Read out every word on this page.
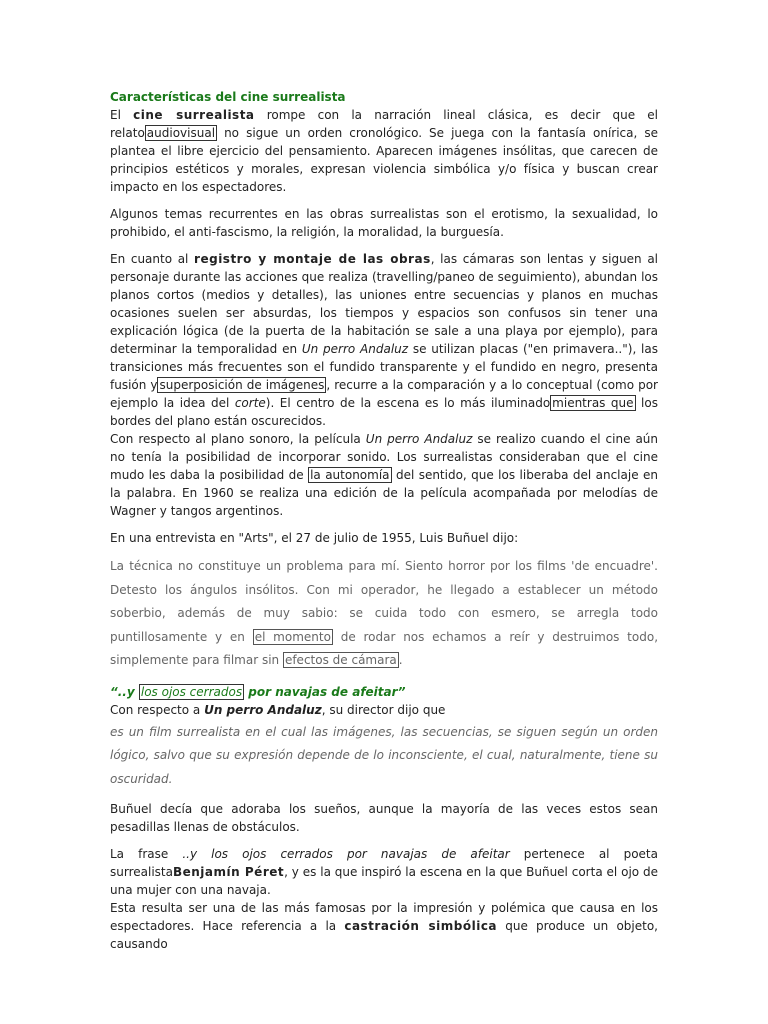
Características del cine surrealista

El cine surrealista rompe con la narración lineal clásica, es decir que el relato audiovisual no sigue un orden cronológico. Se juega con la fantasía onírica, se plantea el libre ejercicio del pensamiento. Aparecen imágenes insólitas, que carecen de principios estéticos y morales, expresan violencia simbólica y/o física y buscan crear impacto en los espectadores.

Algunos temas recurrentes en las obras surrealistas son el erotismo, la sexualidad, lo prohibido, el anti-fascismo, la religión, la moralidad, la burguesía.

En cuanto al registro y montaje de las obras, las cámaras son lentas y siguen al personaje durante las acciones que realiza (travelling/paneo de seguimiento), abundan los planos cortos (medios y detalles), las uniones entre secuencias y planos en muchas ocasiones suelen ser absurdas, los tiempos y espacios son confusos sin tener una explicación lógica (de la puerta de la habitación se sale a una playa por ejemplo), para determinar la temporalidad en Un perro Andaluz se utilizan placas ("en primavera.."), las transiciones más frecuentes son el fundido transparente y el fundido en negro, presenta fusión y superposición de imágenes , recurre a la comparación y a lo conceptual (como por ejemplo la idea del corte). El centro de la escena es lo más iluminado mientras que los bordes del plano están oscurecidos.

Con respecto al plano sonoro, la película Un perro Andaluz se realizo cuando el cine aún no tenía la posibilidad de incorporar sonido. Los surrealistas consideraban que el cine mudo les daba la posibilidad de la autonomía del sentido, que los liberaba del anclaje en la palabra. En 1960 se realiza una edición de la película acompañada por melodías de Wagner y tangos argentinos.

En una entrevista en "Arts", el 27 de julio de 1955, Luis Buñuel dijo:

La técnica no constituye un problema para mí. Siento horror por los films 'de encuadre'. Detesto los ángulos insólitos. Con mi operador, he llegado a establecer un método soberbio, además de muy sabio: se cuida todo con esmero, se arregla todo puntillosamente y en el momento de rodar nos echamos a reír y destruimos todo, simplemente para filmar sin efectos de cámara .

“..y los ojos cerrados por navajas de afeitar”

Con respecto a Un perro Andaluz, su director dijo que

es un film surrealista en el cual las imágenes, las secuencias, se siguen según un orden lógico, salvo que su expresión depende de lo inconsciente, el cual, naturalmente, tiene su oscuridad.

Buñuel decía que adoraba los sueños, aunque la mayoría de las veces estos sean pesadillas llenas de obstáculos.

La frase ..y los ojos cerrados por navajas de afeitar pertenece al poeta surrealistaBenjamín Péret, y es la que inspiró la escena en la que Buñuel corta el ojo de una mujer con una navaja.

Esta resulta ser una de las más famosas por la impresión y polémica que causa en los espectadores. Hace referencia a la castración simbólica que produce un objeto, causando
